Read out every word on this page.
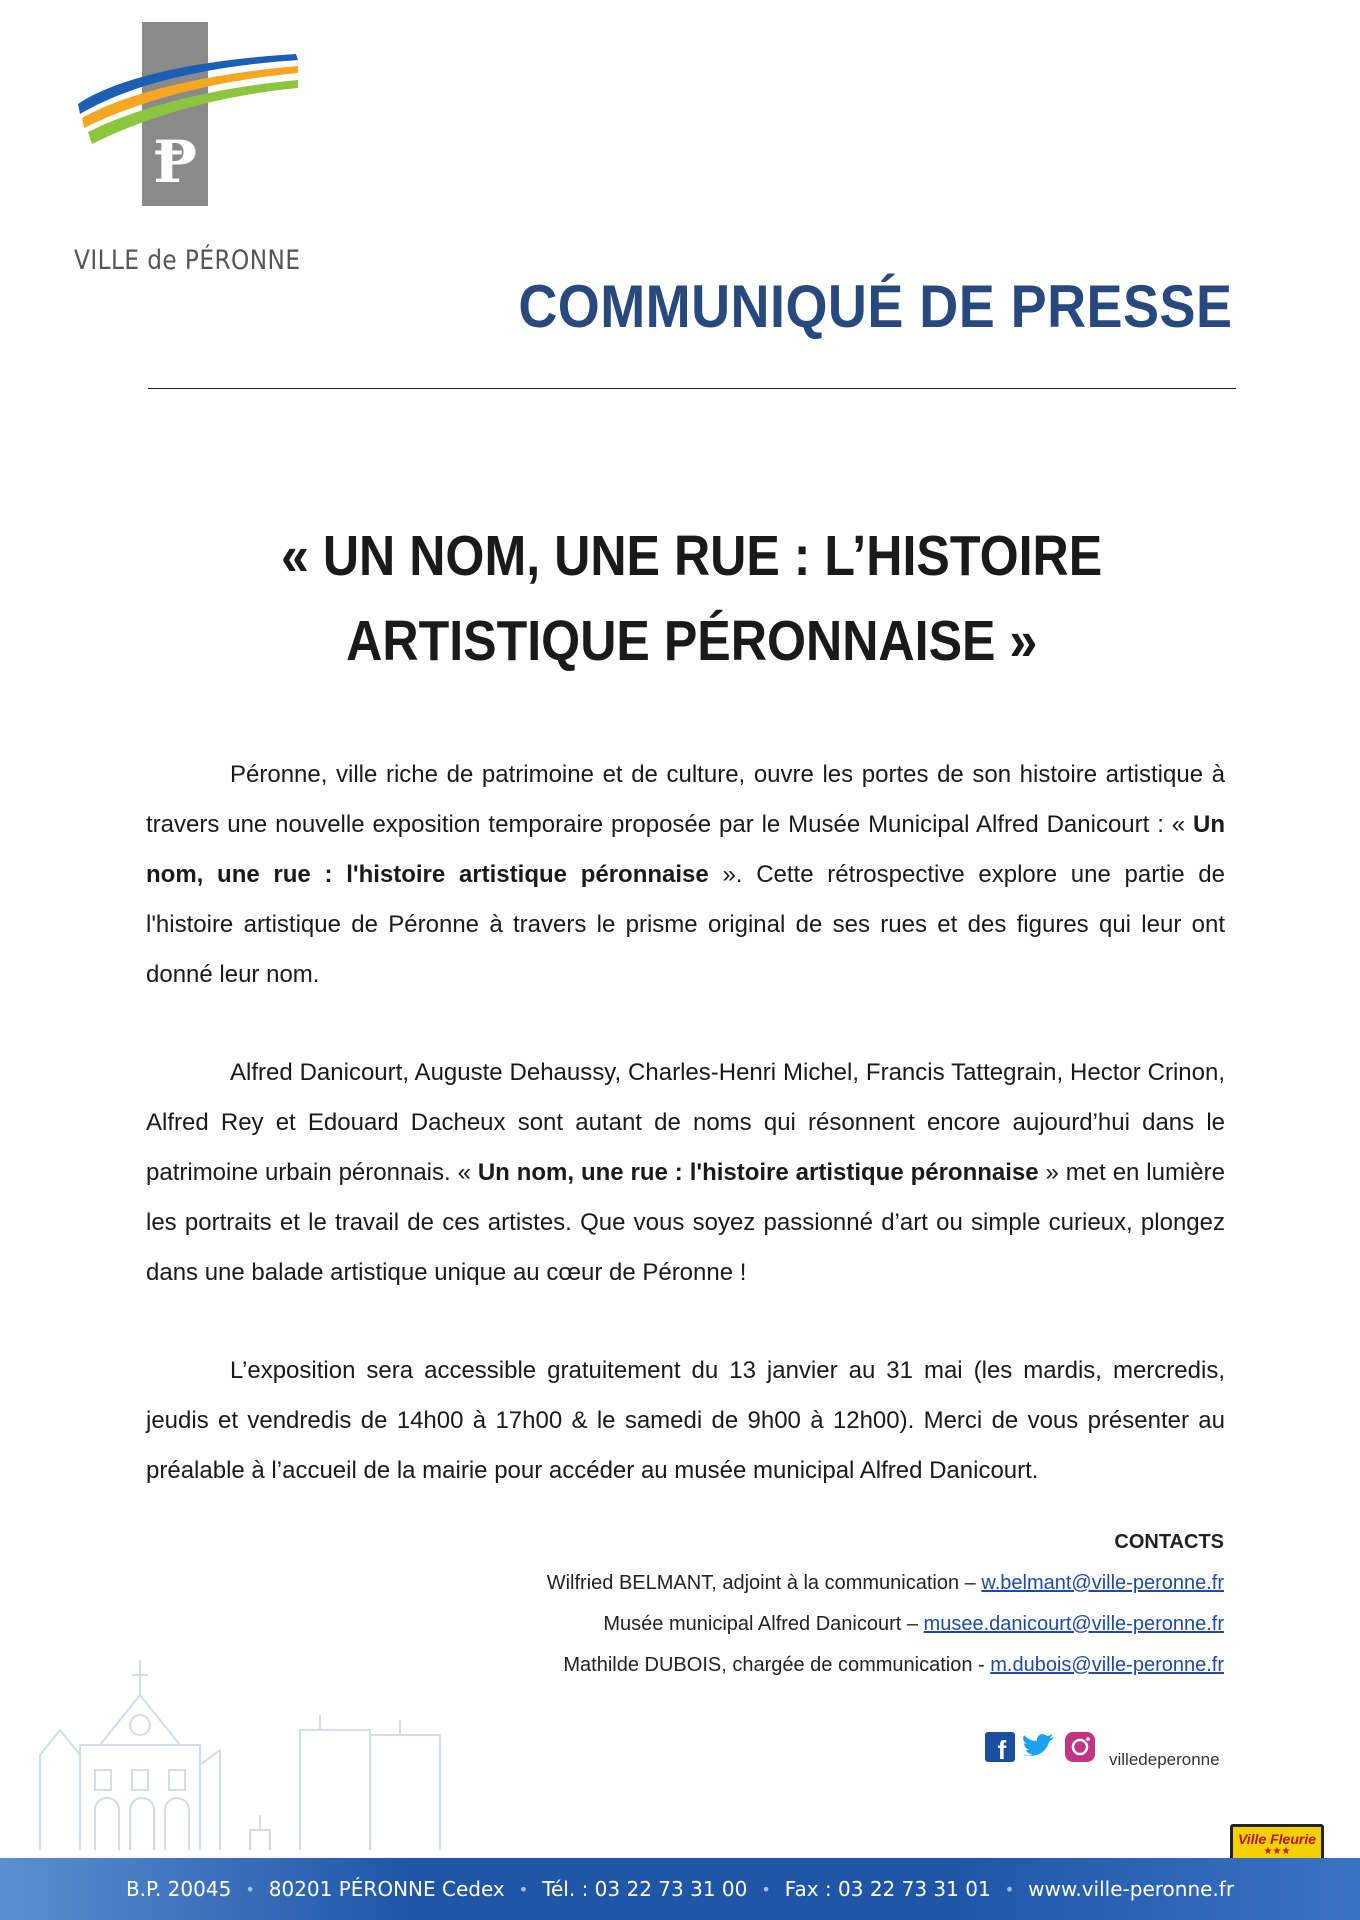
Ᵽ
VILLE de PÉRONNE
COMMUNIQUÉ DE PRESSE
« UN NOM, UNE RUE : L’HISTOIRE
ARTISTIQUE PÉRONNAISE »

Péronne, ville riche de patrimoine et de culture, ouvre les portes de son histoire artistique à travers une nouvelle exposition temporaire proposée par le Musée Municipal Alfred Danicourt : « Un nom, une rue : l'histoire artistique péronnaise ». Cette rétrospective explore une partie de l'histoire artistique de Péronne à travers le prisme original de ses rues et des figures qui leur ont donné leur nom.

Alfred Danicourt, Auguste Dehaussy, Charles-Henri Michel, Francis Tattegrain, Hector Crinon, Alfred Rey et Edouard Dacheux sont autant de noms qui résonnent encore aujourd’hui dans le patrimoine urbain péronnais. « Un nom, une rue : l'histoire artistique péronnaise » met en lumière les portraits et le travail de ces artistes. Que vous soyez passionné d’art ou simple curieux, plongez dans une balade artistique unique au cœur de Péronne !

L’exposition sera accessible gratuitement du 13 janvier au 31 mai (les mardis, mercredis, jeudis et vendredis de 14h00 à 17h00 & le samedi de 9h00 à 12h00). Merci de vous présenter au préalable à l’accueil de la mairie pour accéder au musée municipal Alfred Danicourt.

CONTACTS
Wilfried BELMANT, adjoint à la communication – w.belmant@ville-peronne.fr
Musée municipal Alfred Danicourt – musee.danicourt@ville-peronne.fr
Mathilde DUBOIS, chargée de communication - m.dubois@ville-peronne.fr
f	villedeperonne
Ville Fleurie
★★★
B.P. 20045 • 80201 PÉRONNE Cedex • Tél. : 03 22 73 31 00 • Fax : 03 22 73 31 01 • www.ville-peronne.fr
